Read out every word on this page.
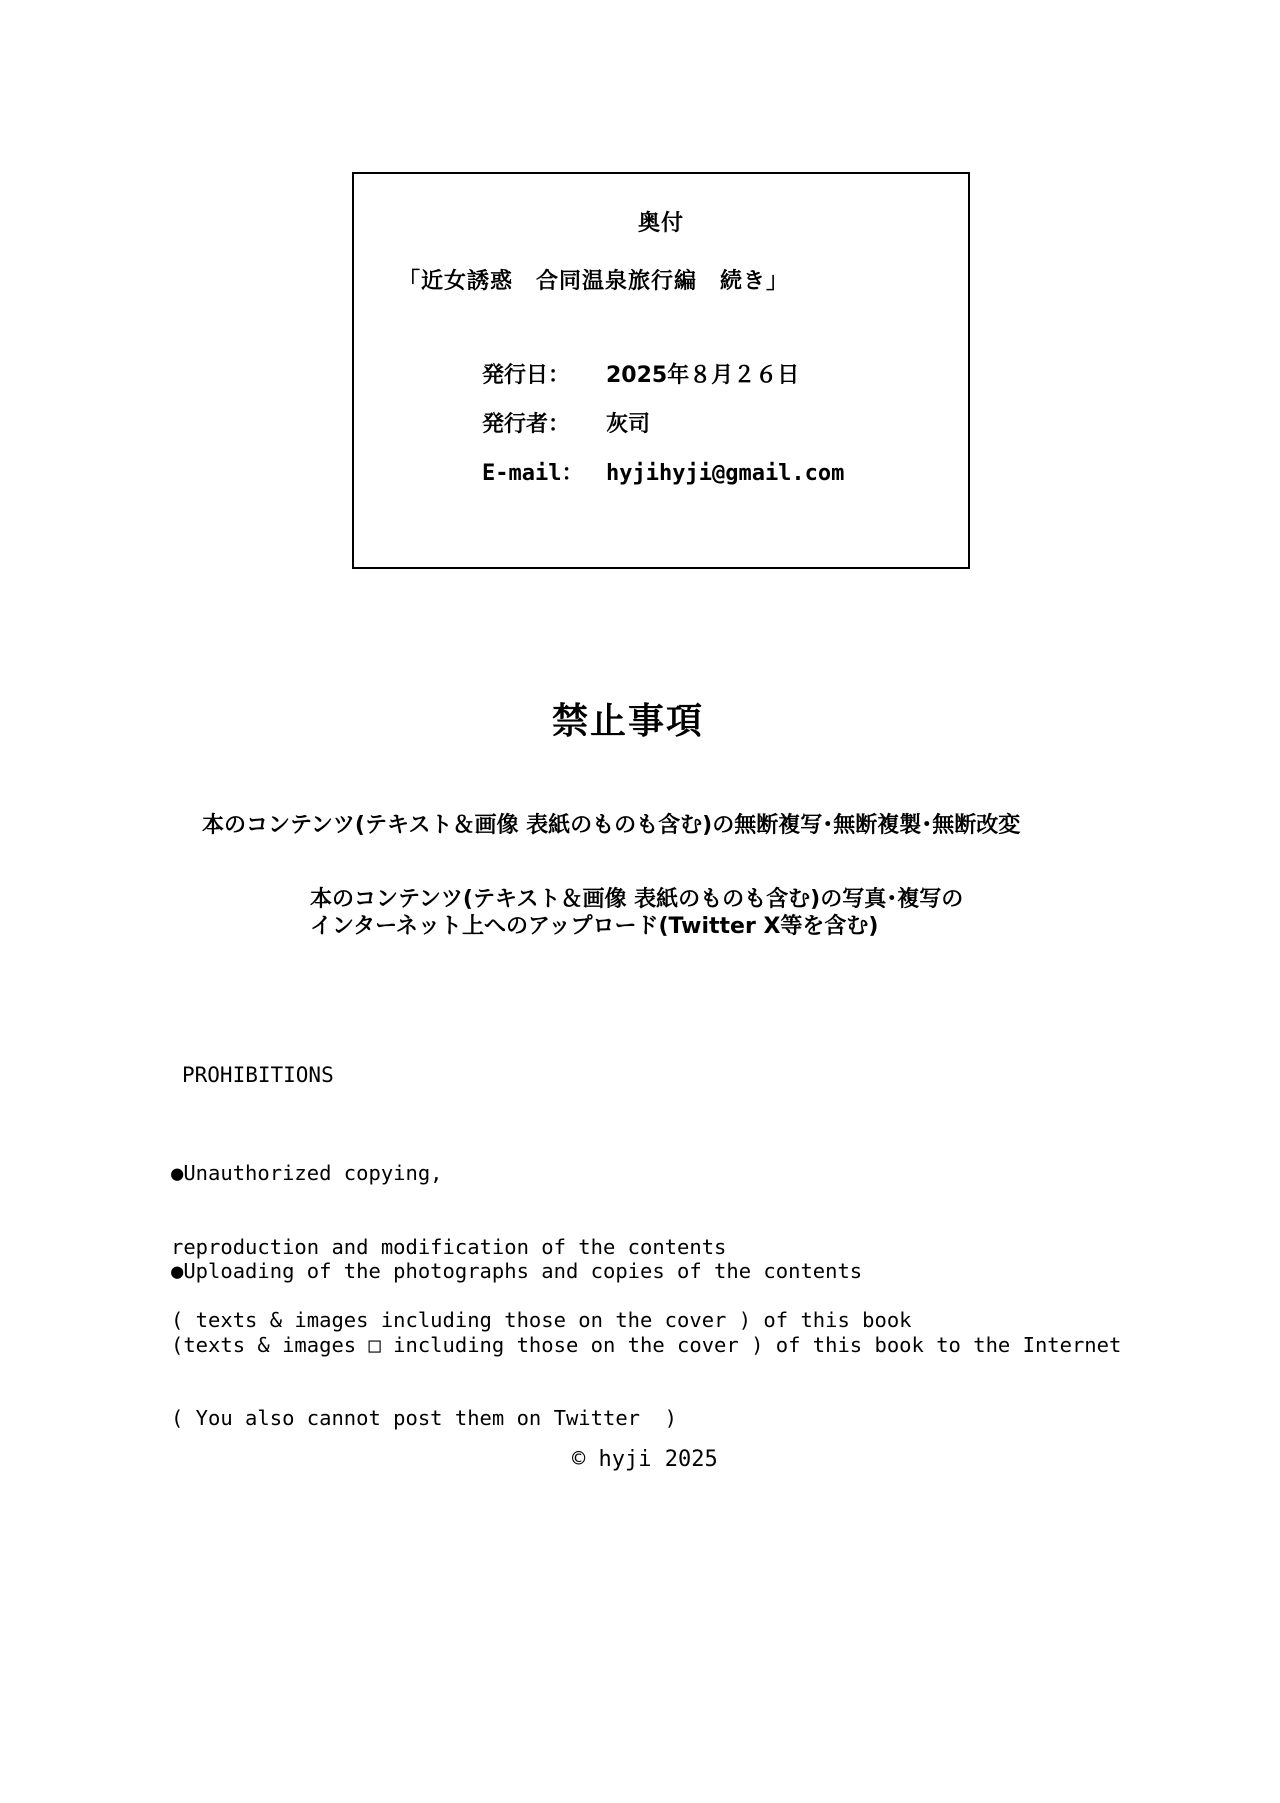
奥付
「近女誘惑　合同温泉旅行編　続き」
発行日： 2025年８月２６日
発行者： 灰司
E-mail： hyjihyji@gmail.com
禁止事項
本のコンテンツ(テキスト＆画像 表紙のものも含む)の無断複写･無断複製･無断改変
本のコンテンツ(テキスト＆画像 表紙のものも含む)の写真･複写の
インターネット上へのアップロード(Twitter X等を含む)
PROHIBITIONS

●Unauthorized copying,

reproduction and modification of the contents

( texts & images including those on the cover ) of this book

●Uploading of the photographs and copies of the contents

(texts & images □ including those on the cover ) of this book to the Internet

( You also cannot post them on Twitter  )

© hyji 2025
